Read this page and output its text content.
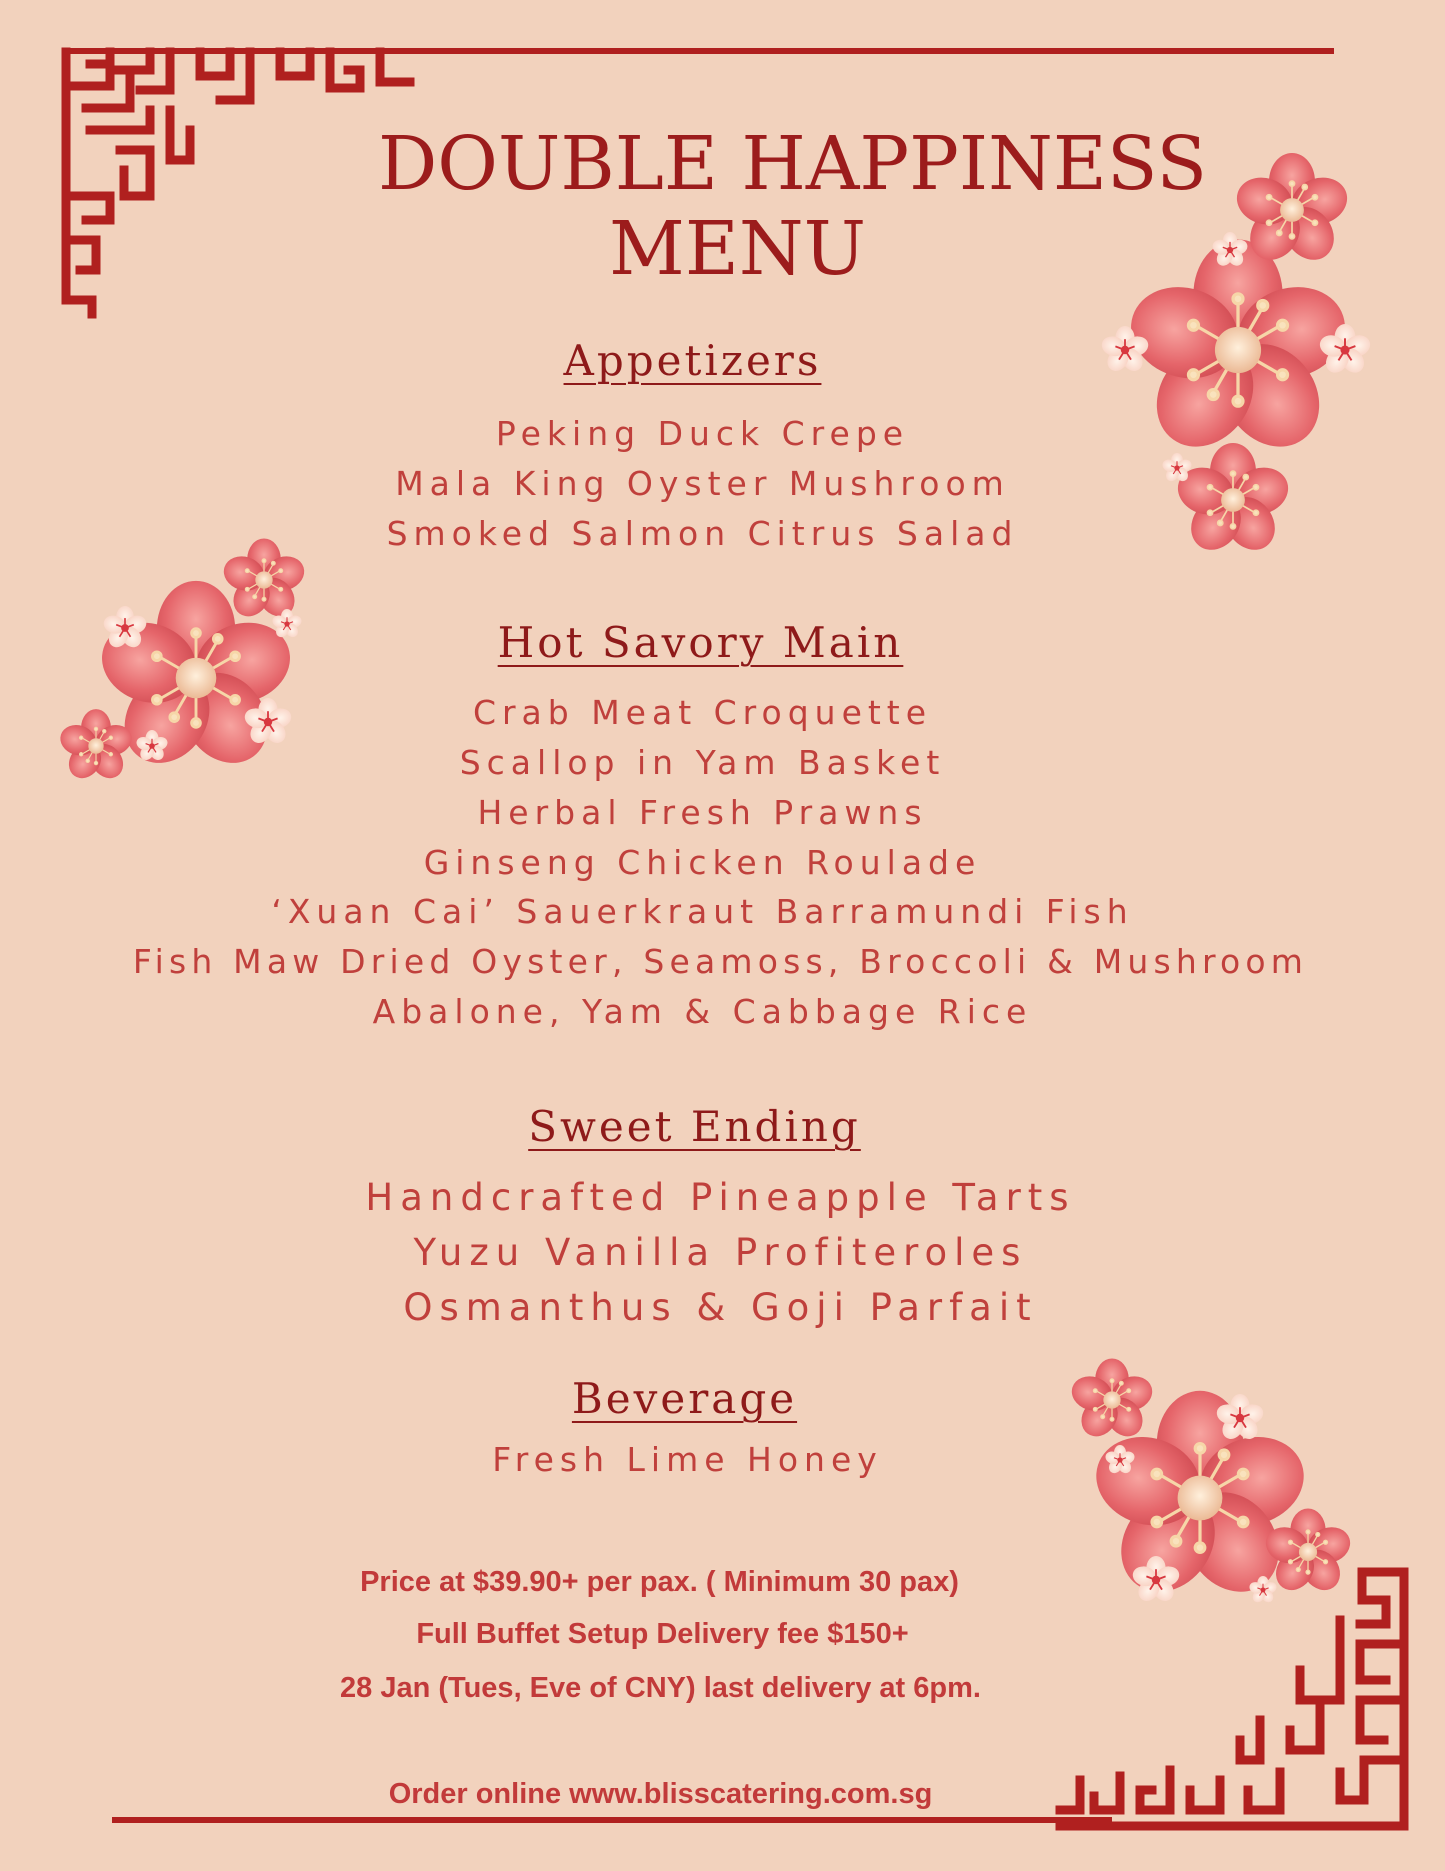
DOUBLE HAPPINESS
MENU
Appetizers
Peking Duck Crepe
Mala King Oyster Mushroom
Smoked Salmon Citrus Salad
Hot Savory Main
Crab Meat Croquette
Scallop in Yam Basket
Herbal Fresh Prawns
Ginseng Chicken Roulade
‘Xuan Cai’ Sauerkraut Barramundi Fish
Fish Maw Dried Oyster, Seamoss, Broccoli & Mushroom
Abalone, Yam & Cabbage Rice
Sweet Ending
Handcrafted Pineapple Tarts
Yuzu Vanilla Profiteroles
Osmanthus & Goji Parfait
Beverage
Fresh Lime Honey
Price at $39.90+ per pax. ( Minimum 30 pax)
Full Buffet Setup Delivery fee $150+
28 Jan (Tues, Eve of CNY) last delivery at 6pm.
Order online www.blisscatering.com.sg
